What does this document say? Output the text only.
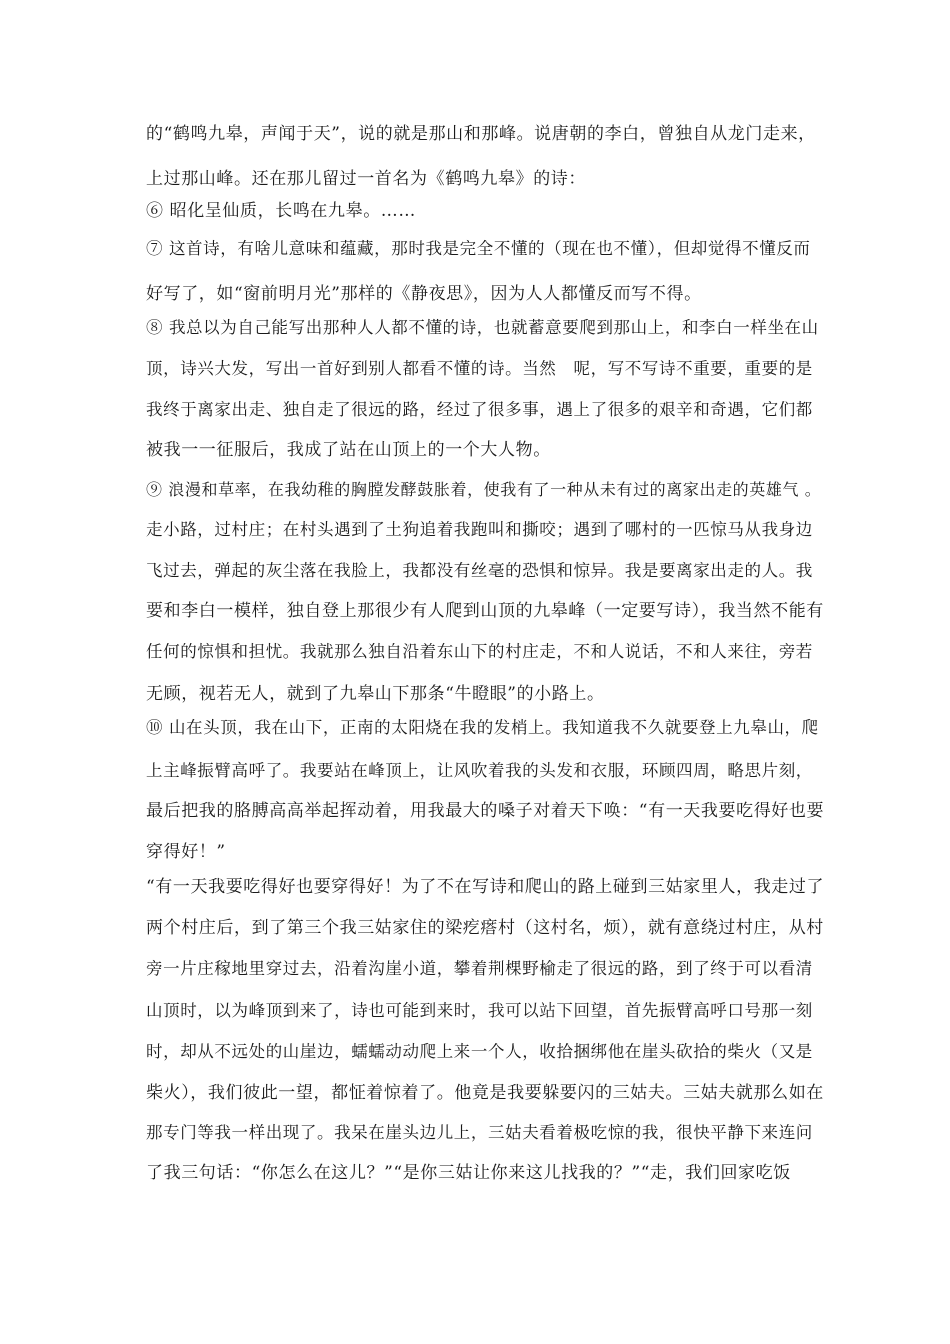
的“鹤鸣九皋，声闻于天”，说的就是那山和那峰。说唐朝的李白，曾独自从龙门走来，
上过那山峰。还在那儿留过一首名为《鹤鸣九皋》的诗：
⑥ 昭化呈仙质，长鸣在九皋。……
⑦ 这首诗，有啥儿意味和蕴藏，那时我是完全不懂的（现在也不懂），但却觉得不懂反而
好写了，如“窗前明月光”那样的《静夜思》，因为人人都懂反而写不得。
⑧ 我总以为自己能写出那种人人都不懂的诗，也就蓄意要爬到那山上，和李白一样坐在山
顶，诗兴大发，写出一首好到别人都看不懂的诗。当然　呢，写不写诗不重要，重要的是
我终于离家出走、独自走了很远的路，经过了很多事，遇上了很多的艰辛和奇遇，它们都
被我一一征服后，我成了站在山顶上的一个大人物。
⑨ 浪漫和草率，在我幼稚的胸膛发酵鼓胀着，使我有了一种从未有过的离家出走的英雄气 。
走小路，过村庄；在村头遇到了土狗追着我跑叫和撕咬；遇到了哪村的一匹惊马从我身边
飞过去，弹起的灰尘落在我脸上，我都没有丝毫的恐惧和惊异。我是要离家出走的人。我
要和李白一模样，独自登上那很少有人爬到山顶的九皋峰（一定要写诗），我当然不能有
任何的惊惧和担忧。我就那么独自沿着东山下的村庄走，不和人说话，不和人来往，旁若
无顾，视若无人，就到了九皋山下那条“牛瞪眼”的小路上。
⑩ 山在头顶，我在山下，正南的太阳烧在我的发梢上。我知道我不久就要登上九皋山，爬
上主峰振臂高呼了。我要站在峰顶上，让风吹着我的头发和衣服，环顾四周，略思片刻，
最后把我的胳膊高高举起挥动着，用我最大的嗓子对着天下唤：“有一天我要吃得好也要
穿得好！”
“有一天我要吃得好也要穿得好！为了不在写诗和爬山的路上碰到三姑家里人，我走过了
两个村庄后，到了第三个我三姑家住的梁疙瘩村（这村名，烦），就有意绕过村庄，从村
旁一片庄稼地里穿过去，沿着沟崖小道，攀着荆棵野榆走了很远的路，到了终于可以看清
山顶时，以为峰顶到来了，诗也可能到来时，我可以站下回望，首先振臂高呼口号那一刻
时，却从不远处的山崖边，蠕蠕动动爬上来一个人，收拾捆绑他在崖头砍拾的柴火（又是
柴火），我们彼此一望，都怔着惊着了。他竟是我要躲要闪的三姑夫。三姑夫就那么如在
那专门等我一样出现了。我呆在崖头边儿上，三姑夫看着极吃惊的我，很快平静下来连问
了我三句话：“你怎么在这儿？”“是你三姑让你来这儿找我的？”“走，我们回家吃饭
